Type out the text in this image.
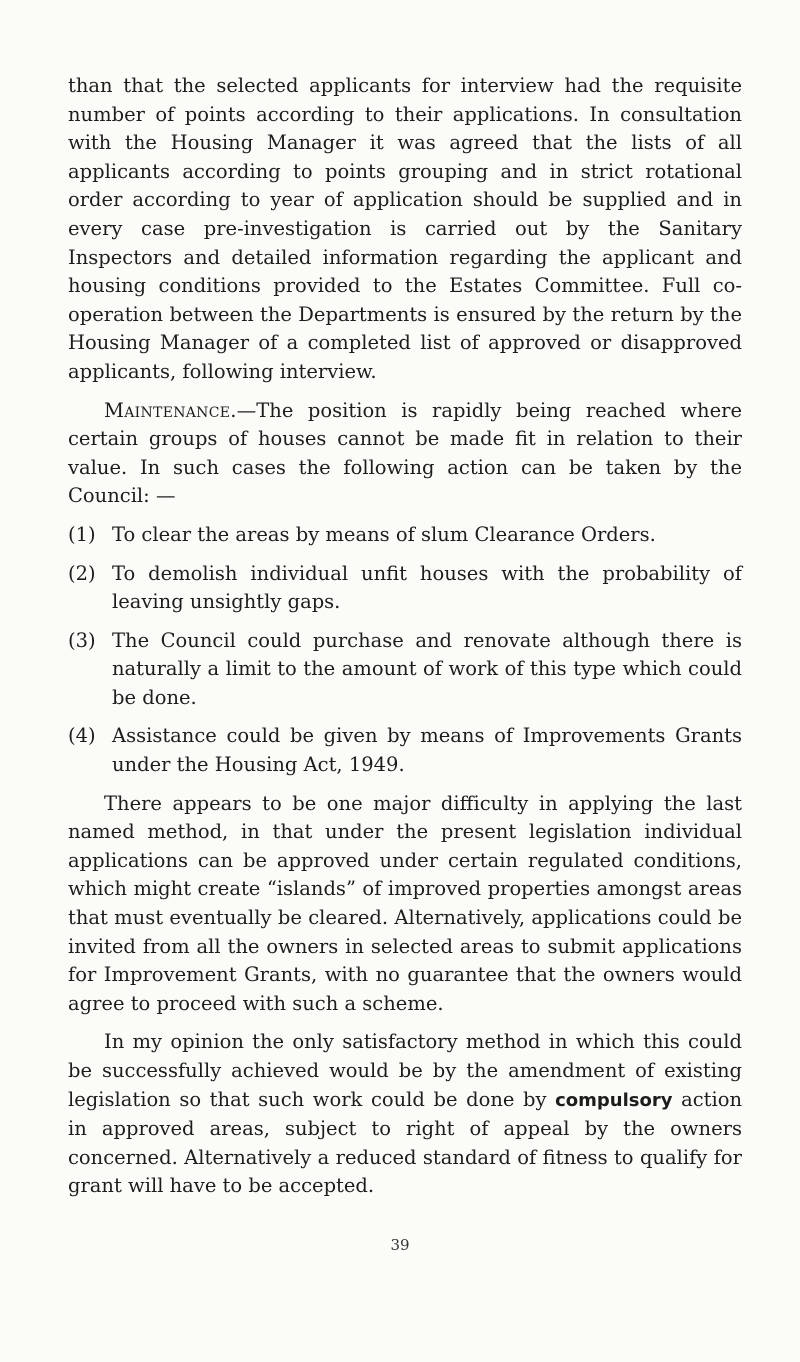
than that the selected applicants for interview had the requisite number of points according to their applications. In consultation with the Housing Manager it was agreed that the lists of all applicants according to points grouping and in strict rotational order according to year of application should be supplied and in every case pre-investigation is carried out by the Sanitary Inspectors and detailed information regarding the applicant and housing conditions provided to the Estates Committee. Full co-operation between the Departments is ensured by the return by the Housing Manager of a completed list of approved or disapproved applicants, following interview.

Maintenance.—The position is rapidly being reached where certain groups of houses cannot be made fit in relation to their value. In such cases the following action can be taken by the Council: —

(1) To clear the areas by means of slum Clearance Orders.
(2) To demolish individual unfit houses with the probability of leaving unsightly gaps.
(3) The Council could purchase and renovate although there is naturally a limit to the amount of work of this type which could be done.
(4) Assistance could be given by means of Improvements Grants under the Housing Act, 1949.

There appears to be one major difficulty in applying the last named method, in that under the present legislation individual applications can be approved under certain regulated conditions, which might create “islands” of improved properties amongst areas that must eventually be cleared. Alternatively, applications could be invited from all the owners in selected areas to submit applications for Improvement Grants, with no guarantee that the owners would agree to proceed with such a scheme.

In my opinion the only satisfactory method in which this could be successfully achieved would be by the amendment of existing legislation so that such work could be done by compulsory action in approved areas, subject to right of appeal by the owners concerned. Alternatively a reduced standard of fitness to qualify for grant will have to be accepted.

39
